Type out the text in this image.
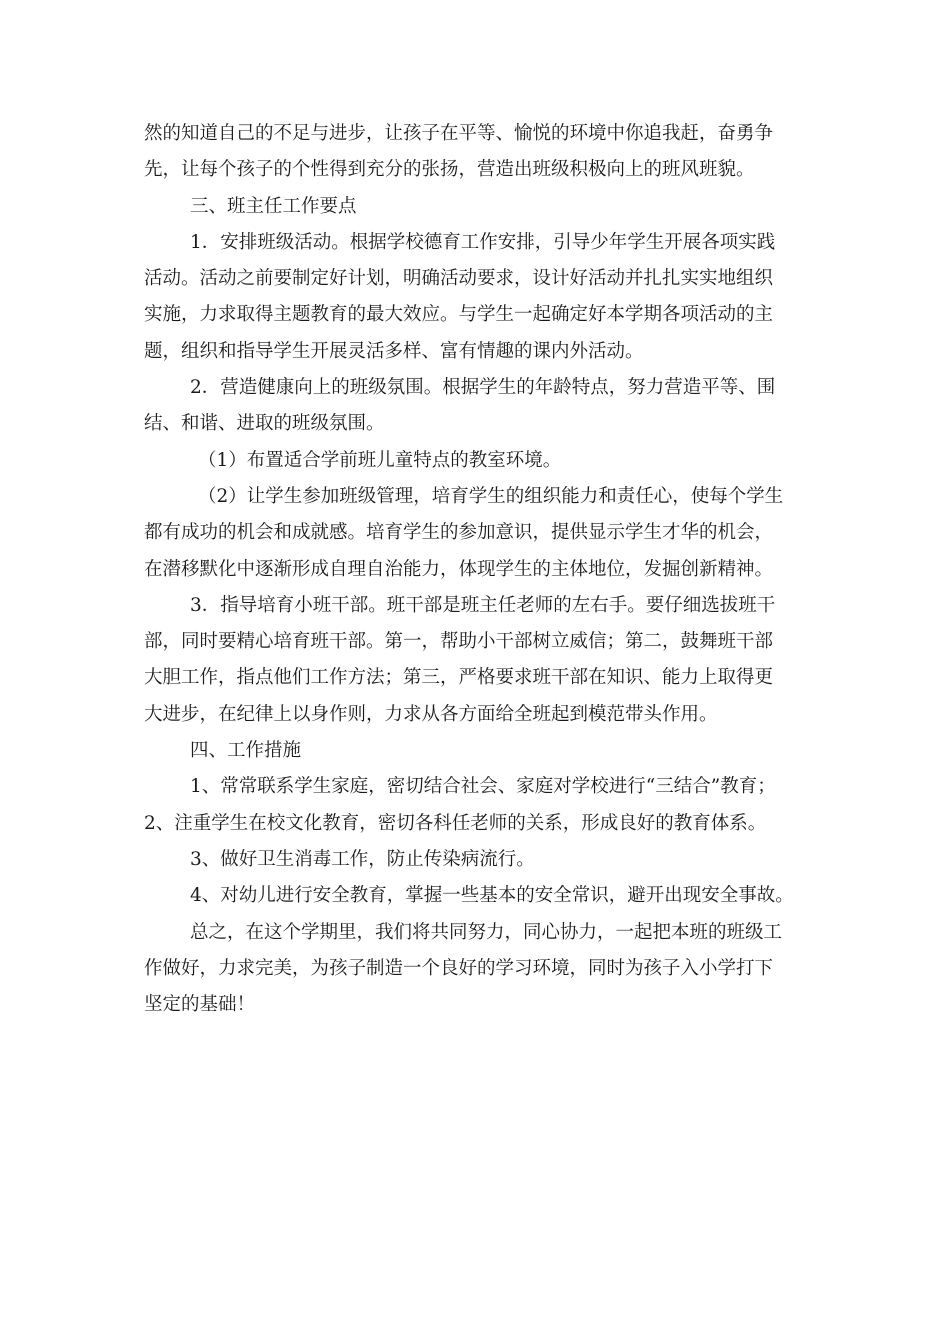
然的知道自己的不足与进步，让孩子在平等、愉悦的环境中你追我赶，奋勇争
先，让每个孩子的个性得到充分的张扬，营造出班级积极向上的班风班貌。
三、班主任工作要点
1．安排班级活动。根据学校德育工作安排，引导少年学生开展各项实践
活动。活动之前要制定好计划，明确活动要求，设计好活动并扎扎实实地组织
实施，力求取得主题教育的最大效应。与学生一起确定好本学期各项活动的主
题，组织和指导学生开展灵活多样、富有情趣的课内外活动。
2．营造健康向上的班级氛围。根据学生的年龄特点，努力营造平等、围
结、和谐、进取的班级氛围。
（1）布置适合学前班儿童特点的教室环境。
（2）让学生参加班级管理，培育学生的组织能力和责任心，使每个学生
都有成功的机会和成就感。培育学生的参加意识，提供显示学生才华的机会，
在潜移默化中逐渐形成自理自治能力，体现学生的主体地位，发掘创新精神。
3．指导培育小班干部。班干部是班主任老师的左右手。要仔细选拔班干
部，同时要精心培育班干部。第一，帮助小干部树立威信；第二，鼓舞班干部
大胆工作，指点他们工作方法；第三，严格要求班干部在知识、能力上取得更
大进步，在纪律上以身作则，力求从各方面给全班起到模范带头作用。
四、工作措施
1、常常联系学生家庭，密切结合社会、家庭对学校进行“三结合”教育；
2、注重学生在校文化教育，密切各科任老师的关系，形成良好的教育体系。
3、做好卫生消毒工作，防止传染病流行。
4、对幼儿进行安全教育，掌握一些基本的安全常识，避开出现安全事故。
总之，在这个学期里，我们将共同努力，同心协力，一起把本班的班级工
作做好，力求完美，为孩子制造一个良好的学习环境，同时为孩子入小学打下
坚定的基础！
